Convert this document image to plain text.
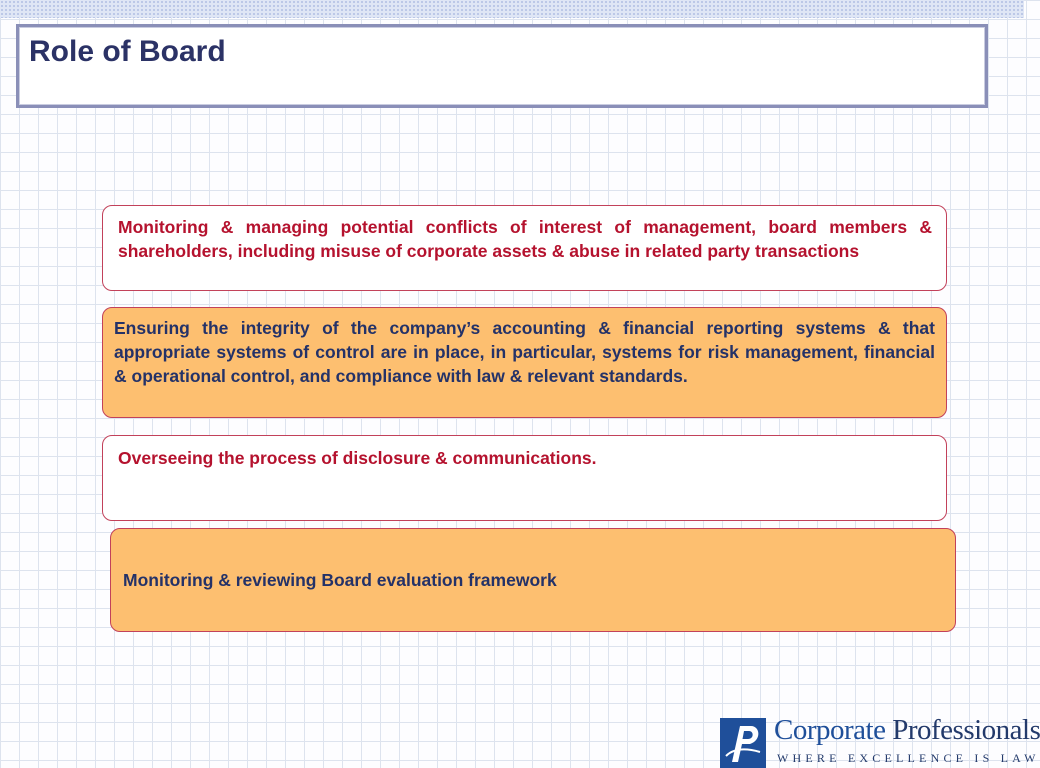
Role of Board
Monitoring & managing potential conflicts of interest of management, board members & shareholders, including misuse of corporate assets & abuse in related party transactions
Ensuring the integrity of the company’s accounting & financial reporting systems & that appropriate systems of control are in place, in particular, systems for risk management, financial & operational control, and compliance with law & relevant standards.
Overseeing the process of disclosure & communications.
Monitoring & reviewing Board evaluation framework
Corporate Professionals
WHERE EXCELLENCE IS LAW
